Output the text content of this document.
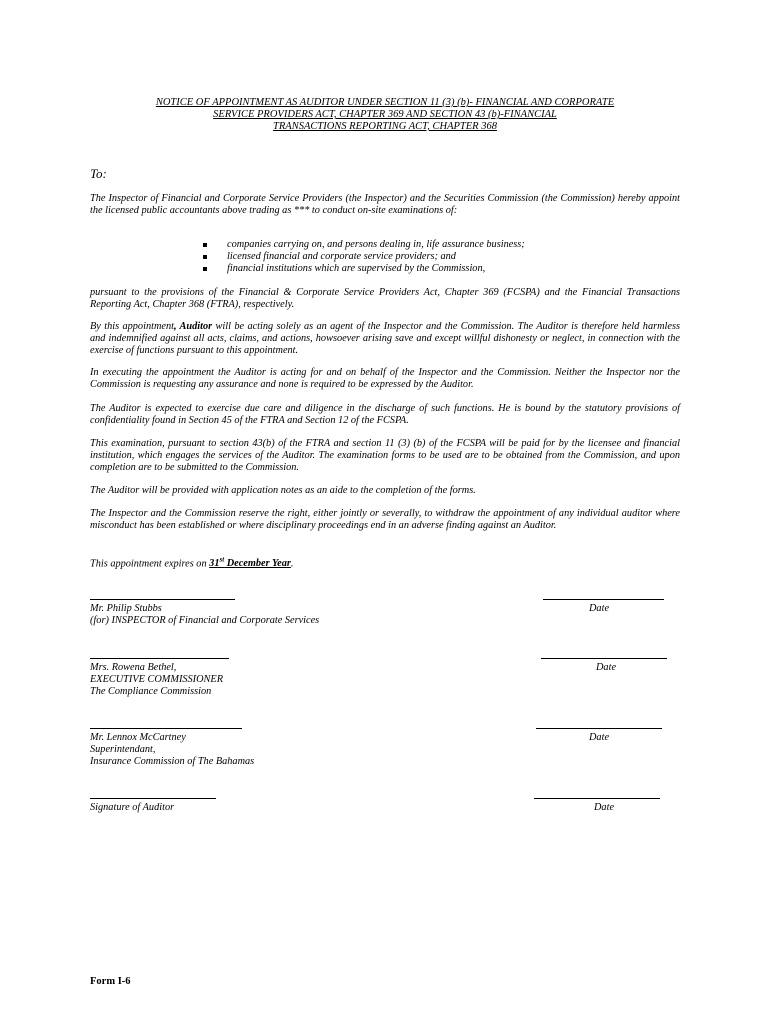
NOTICE OF APPOINTMENT AS AUDITOR UNDER SECTION 11 (3) (b)- FINANCIAL AND CORPORATE
SERVICE PROVIDERS ACT, CHAPTER 369 AND SECTION 43 (b)-FINANCIAL
TRANSACTIONS REPORTING ACT, CHAPTER 368
To:

The Inspector of Financial and Corporate Service Providers (the Inspector) and the Securities Commission (the Commission) hereby appoint the licensed public accountants above trading as *** to conduct on-site examinations of:

companies carrying on, and persons dealing in, life assurance business;
licensed financial and corporate service providers; and
financial institutions which are supervised by the Commission,

pursuant to the provisions of the Financial & Corporate Service Providers Act, Chapter 369 (FCSPA) and the Financial Transactions Reporting Act, Chapter 368 (FTRA), respectively.

By this appointment, Auditor will be acting solely as an agent of the Inspector and the Commission. The Auditor is therefore held harmless and indemnified against all acts, claims, and actions, howsoever arising save and except willful dishonesty or neglect, in connection with the exercise of functions pursuant to this appointment.

In executing the appointment the Auditor is acting for and on behalf of the Inspector and the Commission. Neither the Inspector nor the Commission is requesting any assurance and none is required to be expressed by the Auditor.

The Auditor is expected to exercise due care and diligence in the discharge of such functions. He is bound by the statutory provisions of confidentiality found in Section 45 of the FTRA and Section 12 of the FCSPA.

This examination, pursuant to section 43(b) of the FTRA and section 11 (3) (b) of the FCSPA will be paid for by the licensee and financial institution, which engages the services of the Auditor. The examination forms to be used are to be obtained from the Commission, and upon completion are to be submitted to the Commission.

The Auditor will be provided with application notes as an aide to the completion of the forms.

The Inspector and the Commission reserve the right, either jointly or severally, to withdraw the appointment of any individual auditor where misconduct has been established or where disciplinary proceedings end in an adverse finding against an Auditor.

This appointment expires on 31st December Year.

Mr. Philip Stubbs
(for) INSPECTOR of Financial and Corporate Services
Date
Mrs. Rowena Bethel,
EXECUTIVE COMMISSIONER
The Compliance Commission
Date
Mr. Lennox McCartney
Superintendant,
Insurance Commission of The Bahamas
Date
Signature of Auditor	Date
Form I-6
